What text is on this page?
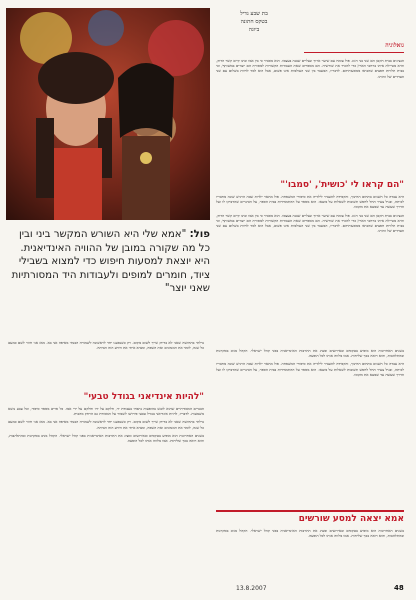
בת שבע גדיל
בטקס חתונה
ביוגה
גואלוגיה

הנציגים בבית הקטן הם שני בני הזוג. פול צומח עם שיער ארוך ונעליים שבנה בעצמו. הוא מסביר כי בין אמו ובינו קיים קשר הדוק, והיא מטיילת איתו ברחבי הארץ כדי להכיר את שורשיה. הם מספרים שאת העבודות הקשורות למסורת הם יוצרים במשותף, וכי בבית תלויות חפצים שהביאו ממסעותיהם. לדבריו, המעבר בין שני העולמות אינו פשוט, אבל הוא למד לחיות בשלום עם שני הצדדים של זהותו.

"הם קראו לי 'כושית', 'סמבו'"

היא עבדה כל השנים בתחום החינוך, והקפידה להעביר לילדיה את סיפורי המשפחה. פול מתאר ילדות שבה הרגיש שונה מחבריו לכיתה, ובגיל צעיר החל לחפש תשובות לשאלות על מוצאו. הוא מספר על ההתמודדות בבית הספר, על הכינויים שהדביקו לו ועל הדרך שעשה עד שמצא את מקומו.

הנציגים בבית הקטן הם שני בני הזוג. פול צומח עם שיער ארוך ונעליים שבנה בעצמו. הוא מסביר כי בין אמו ובינו קיים קשר הדוק, והיא מטיילת איתו ברחבי הארץ כדי להכיר את שורשיה. הם מספרים שאת העבודות הקשורות למסורת הם יוצרים במשותף, וכי בבית תלויות חפצים שהביאו ממסעותיהם. לדבריו, המעבר בין שני העולמות אינו פשוט, אבל הוא למד לחיות בשלום עם שני הצדדים של זהותו.

פול: "אמא שלי היא השורש המקשר ביני ובין כל מה שקורה במובן של ההוויה האינדיאנית. היא יוצאת למסעות חיפוש כדי למצוא בשבילי ציוד, חומרים למופים ולעבודות היד המסורתיות שאני יוצר"

גדלתי בתחושה שאני לא בדיוק שייך לשום מקום. רק כשנסענו יחד לראשונה לשמורה הבנתי מאיפה אני בא. מאז אני חוזר לשם כמעט כל שנה, לומד את המנהגים ואת השפה, ומביא איתי את הידע הזה הביתה.

"להיות אינדיאני בגודל טבעי"

הבגדים המסורתיים שהוא לובש בהופעות נתפרו בעבודת יד, חלקם על ידו וחלקם על ידי אמו. כל פריט מספר סיפור, וכל צבע נושא משמעות. לדבריו, להיות אינדיאני בגודל טבעי פירושו לשמור על המסורת גם הרחק מהבית.

גדלתי בתחושה שאני לא בדיוק שייך לשום מקום. רק כשנסענו יחד לראשונה לשמורה הבנתי מאיפה אני בא. מאז אני חוזר לשם כמעט כל שנה, לומד את המנהגים ואת השפה, ומביא איתי את הידע הזה הביתה.

בשנים האחרונות הוא מופיע בטקסים ובאירועים ומציג את התרבות האינדיאנית בפני קהל ישראלי. הקהל מגיב בסקרנות ובהתלהבות, והוא רואה בכך שליחות. אמו מלווה אותו לכל הופעה.

בשנים האחרונות הוא מופיע בטקסים ובאירועים ומציג את התרבות האינדיאנית בפני קהל ישראלי. הקהל מגיב בסקרנות ובהתלהבות, והוא רואה בכך שליחות. אמו מלווה אותו לכל הופעה.

היא עבדה כל השנים בתחום החינוך, והקפידה להעביר לילדיה את סיפורי המשפחה. פול מתאר ילדות שבה הרגיש שונה מחבריו לכיתה, ובגיל צעיר החל לחפש תשובות לשאלות על מוצאו. הוא מספר על ההתמודדות בבית הספר, על הכינויים שהדביקו לו ועל הדרך שעשה עד שמצא את מקומו.

אמא יצאה למסע שורשים

בשנים האחרונות הוא מופיע בטקסים ובאירועים ומציג את התרבות האינדיאנית בפני קהל ישראלי. הקהל מגיב בסקרנות ובהתלהבות, והוא רואה בכך שליחות. אמו מלווה אותו לכל הופעה.

13.8.2007	48
